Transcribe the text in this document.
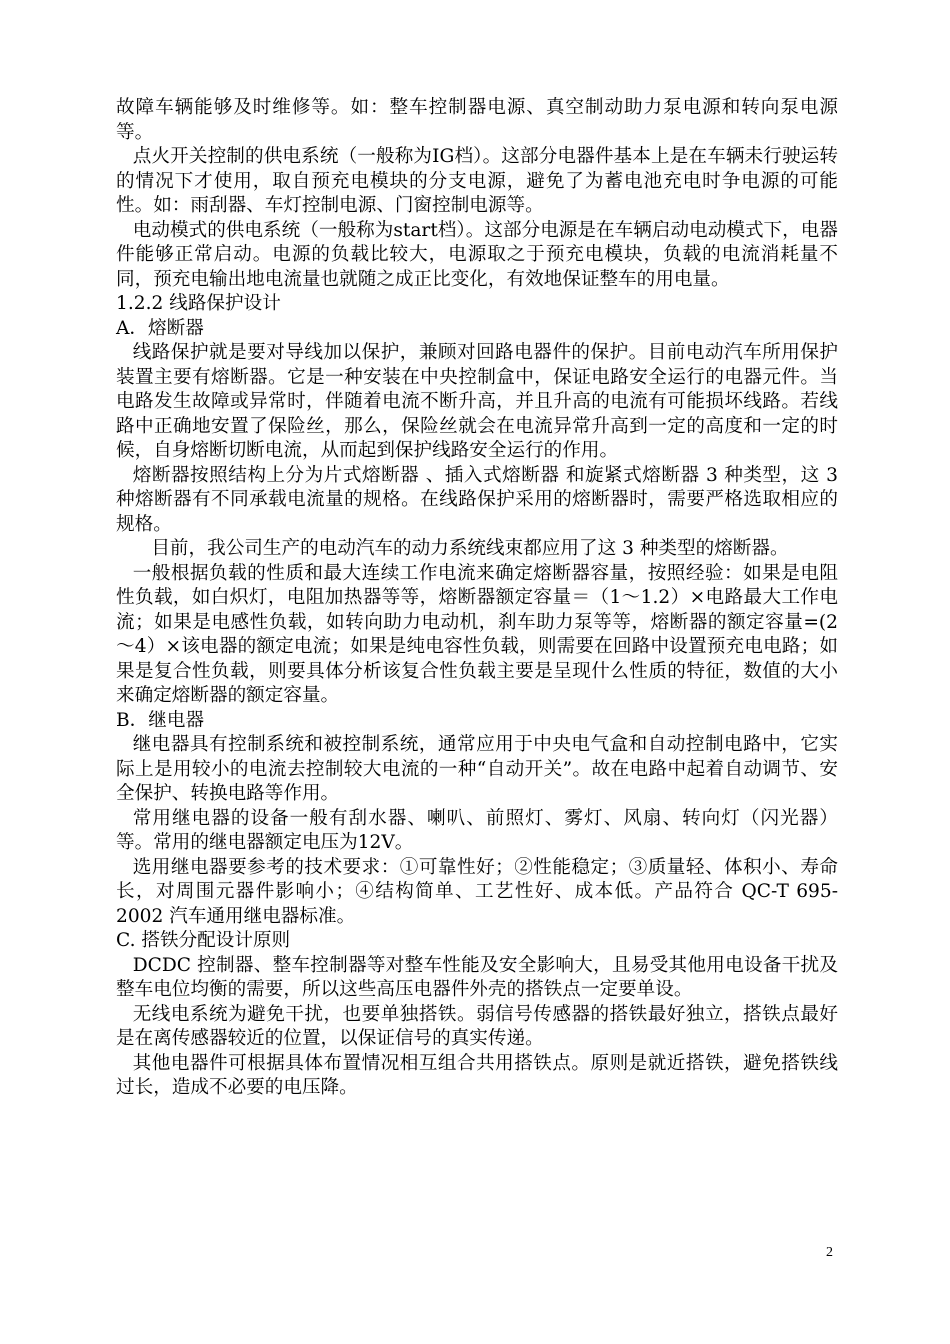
故障车辆能够及时维修等。如：整车控制器电源、真空制动助力泵电源和转向泵电源等。

点火开关控制的供电系统（一般称为IG档）。这部分电器件基本上是在车辆未行驶运转的情况下才使用，取自预充电模块的分支电源，避免了为蓄电池充电时争电源的可能性。如：雨刮器、车灯控制电源、门窗控制电源等。

电动模式的供电系统（一般称为start档）。这部分电源是在车辆启动电动模式下，电器件能够正常启动。电源的负载比较大，电源取之于预充电模块，负载的电流消耗量不同，预充电输出地电流量也就随之成正比变化，有效地保证整车的用电量。

1.2.2 线路保护设计

A．熔断器

线路保护就是要对导线加以保护，兼顾对回路电器件的保护。目前电动汽车所用保护装置主要有熔断器。它是一种安装在中央控制盒中，保证电路安全运行的电器元件。当电路发生故障或异常时，伴随着电流不断升高，并且升高的电流有可能损坏线路。若线路中正确地安置了保险丝，那么，保险丝就会在电流异常升高到一定的高度和一定的时候，自身熔断切断电流，从而起到保护线路安全运行的作用。

熔断器按照结构上分为片式熔断器 、插入式熔断器 和旋紧式熔断器 3 种类型，这 3 种熔断器有不同承载电流量的规格。在线路保护采用的熔断器时，需要严格选取相应的规格。

目前，我公司生产的电动汽车的动力系统线束都应用了这 3 种类型的熔断器。

一般根据负载的性质和最大连续工作电流来确定熔断器容量，按照经验：如果是电阻性负载，如白炽灯，电阻加热器等等，熔断器额定容量＝（1～1.2）×电路最大工作电流；如果是电感性负载，如转向助力电动机，刹车助力泵等等，熔断器的额定容量=(2～4）×该电器的额定电流；如果是纯电容性负载，则需要在回路中设置预充电电路；如果是复合性负载，则要具体分析该复合性负载主要是呈现什么性质的特征，数值的大小来确定熔断器的额定容量。

B．继电器

继电器具有控制系统和被控制系统，通常应用于中央电气盒和自动控制电路中，它实际上是用较小的电流去控制较大电流的一种“自动开关”。故在电路中起着自动调节、安全保护、转换电路等作用。

常用继电器的设备一般有刮水器、喇叭、前照灯、雾灯、风扇、转向灯（闪光器）等。常用的继电器额定电压为12V。

选用继电器要参考的技术要求：①可靠性好；②性能稳定；③质量轻、体积小、寿命长，对周围元器件影响小；④结构简单、工艺性好、成本低。产品符合 QC-T 695-2002 汽车通用继电器标准。

C. 搭铁分配设计原则

DCDC 控制器、整车控制器等对整车性能及安全影响大，且易受其他用电设备干扰及整车电位均衡的需要，所以这些高压电器件外壳的搭铁点一定要单设。

无线电系统为避免干扰，也要单独搭铁。弱信号传感器的搭铁最好独立，搭铁点最好是在离传感器较近的位置，以保证信号的真实传递。

其他电器件可根据具体布置情况相互组合共用搭铁点。原则是就近搭铁，避免搭铁线过长，造成不必要的电压降。

2
